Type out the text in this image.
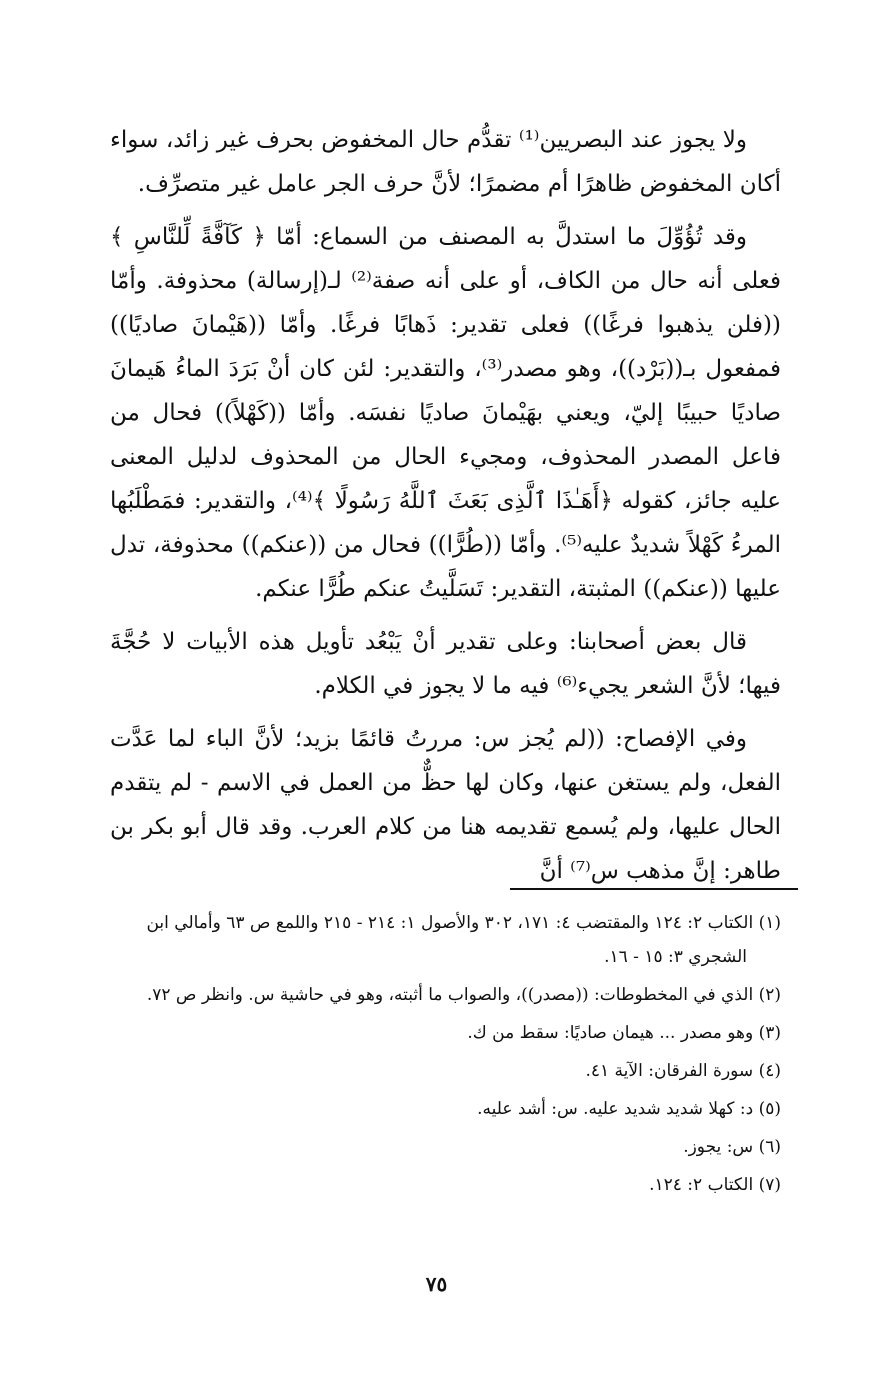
ولا يجوز عند البصريين⁽¹⁾ تقدُّم حال المخفوض بحرف غير زائد، سواء أكان المخفوض ظاهرًا أم مضمرًا؛ لأنَّ حرف الجر عامل غير متصرِّف.

وقد تُؤُوِّلَ ما استدلَّ به المصنف من السماع: أمّا ﴿ كَآفَّةً لِّلنَّاسِ ﴾ فعلى أنه حال من الكاف، أو على أنه صفة⁽²⁾ لـ(إرسالة) محذوفة. وأمّا ((فلن يذهبوا فرغًا)) فعلى تقدير: ذَهابًا فرغًا. وأمّا ((هَيْمانَ صاديًا)) فمفعول بـ((بَرْد))، وهو مصدر⁽³⁾، والتقدير: لئن كان أنْ بَرَدَ الماءُ هَيمانَ صاديًا حبيبًا إليّ، ويعني بهَيْمانَ صاديًا نفسَه. وأمّا ((كَهْلاً)) فحال من فاعل المصدر المحذوف، ومجيء الحال من المحذوف لدليل المعنى عليه جائز، كقوله ﴿أَهَـٰذَا ٱلَّذِى بَعَثَ ٱللَّهُ رَسُولًا ﴾⁽⁴⁾، والتقدير: فمَطْلَبُها المرءُ كَهْلاً شديدٌ عليه⁽⁵⁾. وأمّا ((طُرًّا)) فحال من ((عنكم)) محذوفة، تدل عليها ((عنكم)) المثبتة، التقدير: تَسَلَّيتُ عنكم طُرًّا عنكم.

قال بعض أصحابنا: وعلى تقدير أنْ يَبْعُد تأويل هذه الأبيات لا حُجَّةَ فيها؛ لأنَّ الشعر يجيء⁽⁶⁾ فيه ما لا يجوز في الكلام.

وفي الإفصاح: ((لم يُجز س: مررتُ قائمًا بزيد؛ لأنَّ الباء لما عَدَّت الفعل، ولم يستغن عنها، وكان لها حظٌّ من العمل في الاسم - لم يتقدم الحال عليها، ولم يُسمع تقديمه هنا من كلام العرب. وقد قال أبو بكر بن طاهر: إنَّ مذهب س⁽⁷⁾ أنَّ

(١) الكتاب ٢: ١٢٤ والمقتضب ٤: ١٧١، ٣٠٢ والأصول ١: ٢١٤ - ٢١٥ واللمع ص ٦٣ وأمالي ابن الشجري ٣: ١٥ - ١٦.

(٢) الذي في المخطوطات: ((مصدر))، والصواب ما أثبته، وهو في حاشية س. وانظر ص ٧٢.

(٣) وهو مصدر ... هيمان صاديًا: سقط من ك.

(٤) سورة الفرقان: الآية ٤١.

(٥) د: كهلا شديد شديد عليه. س: أشد عليه.

(٦) س: يجوز.

(٧) الكتاب ٢: ١٢٤.

٧٥
